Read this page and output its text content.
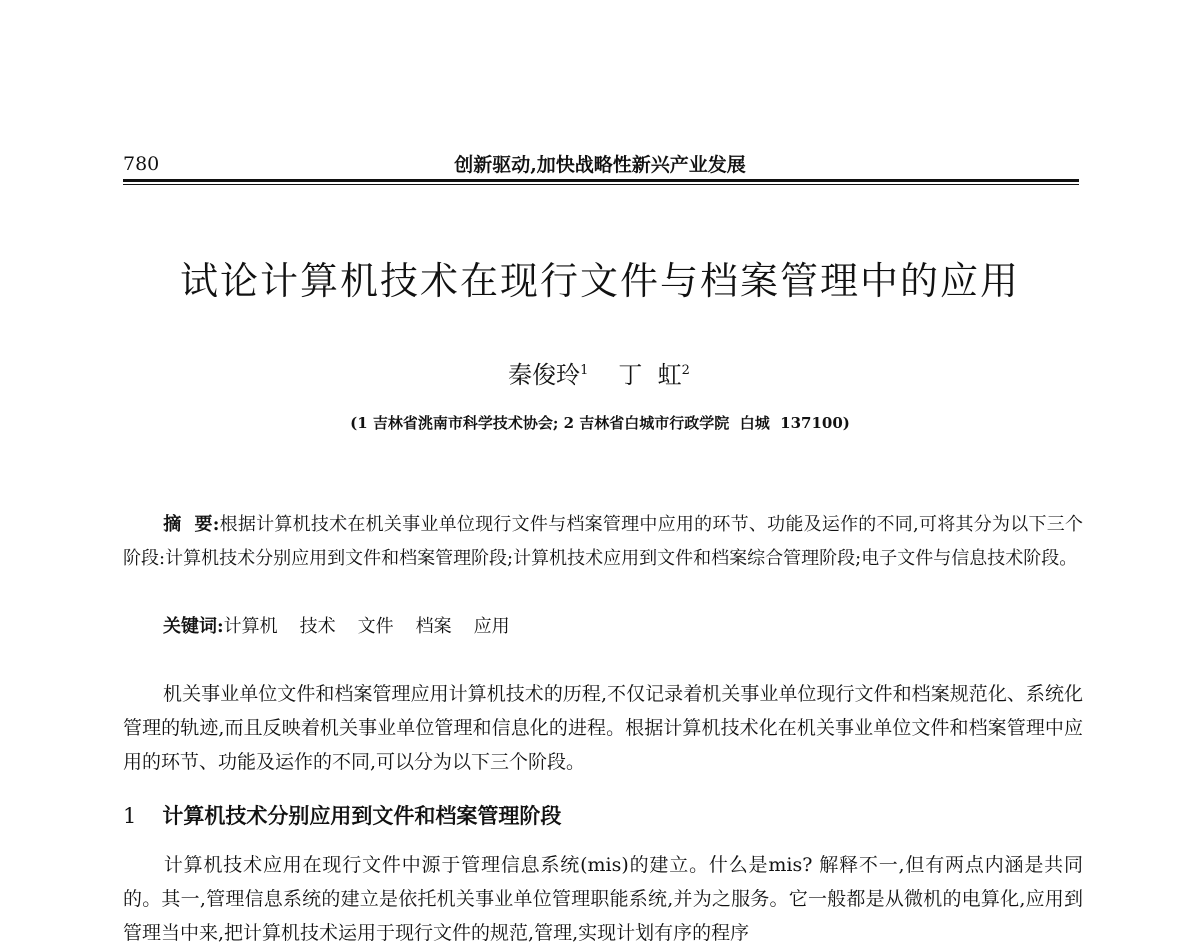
780	创新驱动,加快战略性新兴产业发展
试论计算机技术在现行文件与档案管理中的应用
秦俊玲$^1$ 丁  虹$^2$
(1 吉林省洮南市科学技术协会; 2 吉林省白城市行政学院  白城  137100)
摘  要:根据计算机技术在机关事业单位现行文件与档案管理中应用的环节、功能及运作的不同,可将其分为以下三个阶段:计算机技术分别应用到文件和档案管理阶段;计算机技术应用到文件和档案综合管理阶段;电子文件与信息技术阶段。
关键词:计算机 技术 文件 档案 应用
机关事业单位文件和档案管理应用计算机技术的历程,不仅记录着机关事业单位现行文件和档案规范化、系统化管理的轨迹,而且反映着机关事业单位管理和信息化的进程。根据计算机技术化在机关事业单位文件和档案管理中应用的环节、功能及运作的不同,可以分为以下三个阶段。
1 计算机技术分别应用到文件和档案管理阶段
计算机技术应用在现行文件中源于管理信息系统(mis)的建立。什么是mis? 解释不一,但有两点内涵是共同的。其一,管理信息系统的建立是依托机关事业单位管理职能系统,并为之服务。它一般都是从微机的电算化,应用到管理当中来,把计算机技术运用于现行文件的规范,管理,实现计划有序的程序
